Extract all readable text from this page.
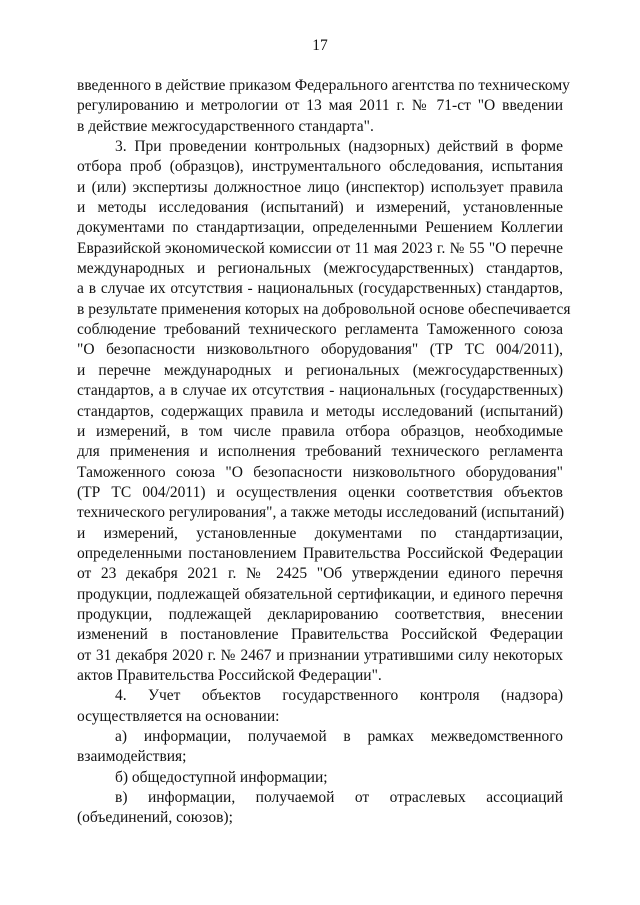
17
введенного в действие приказом Федерального агентства по техническому
регулированию и метрологии от 13 мая 2011 г. № 71-ст "О введении
в действие межгосударственного стандарта".
3. При проведении контрольных (надзорных) действий в форме
отбора проб (образцов), инструментального обследования, испытания
и (или) экспертизы должностное лицо (инспектор) использует правила
и методы исследования (испытаний) и измерений, установленные
документами по стандартизации, определенными Решением Коллегии
Евразийской экономической комиссии от 11 мая 2023 г. № 55 "О перечне
международных и региональных (межгосударственных) стандартов,
а в случае их отсутствия - национальных (государственных) стандартов,
в результате применения которых на добровольной основе обеспечивается
соблюдение требований технического регламента Таможенного союза
"О безопасности низковольтного оборудования" (ТР ТС 004/2011),
и перечне международных и региональных (межгосударственных)
стандартов, а в случае их отсутствия - национальных (государственных)
стандартов, содержащих правила и методы исследований (испытаний)
и измерений, в том числе правила отбора образцов, необходимые
для применения и исполнения требований технического регламента
Таможенного союза "О безопасности низковольтного оборудования"
(ТР ТС 004/2011) и осуществления оценки соответствия объектов
технического регулирования", а также методы исследований (испытаний)
и измерений, установленные документами по стандартизации,
определенными постановлением Правительства Российской Федерации
от 23 декабря 2021 г. № 2425 "Об утверждении единого перечня
продукции, подлежащей обязательной сертификации, и единого перечня
продукции, подлежащей декларированию соответствия, внесении
изменений в постановление Правительства Российской Федерации
от 31 декабря 2020 г. № 2467 и признании утратившими силу некоторых
актов Правительства Российской Федерации".
4. Учет объектов государственного контроля (надзора)
осуществляется на основании:
а) информации, получаемой в рамках межведомственного
взаимодействия;
б) общедоступной информации;
в) информации, получаемой от отраслевых ассоциаций
(объединений, союзов);
